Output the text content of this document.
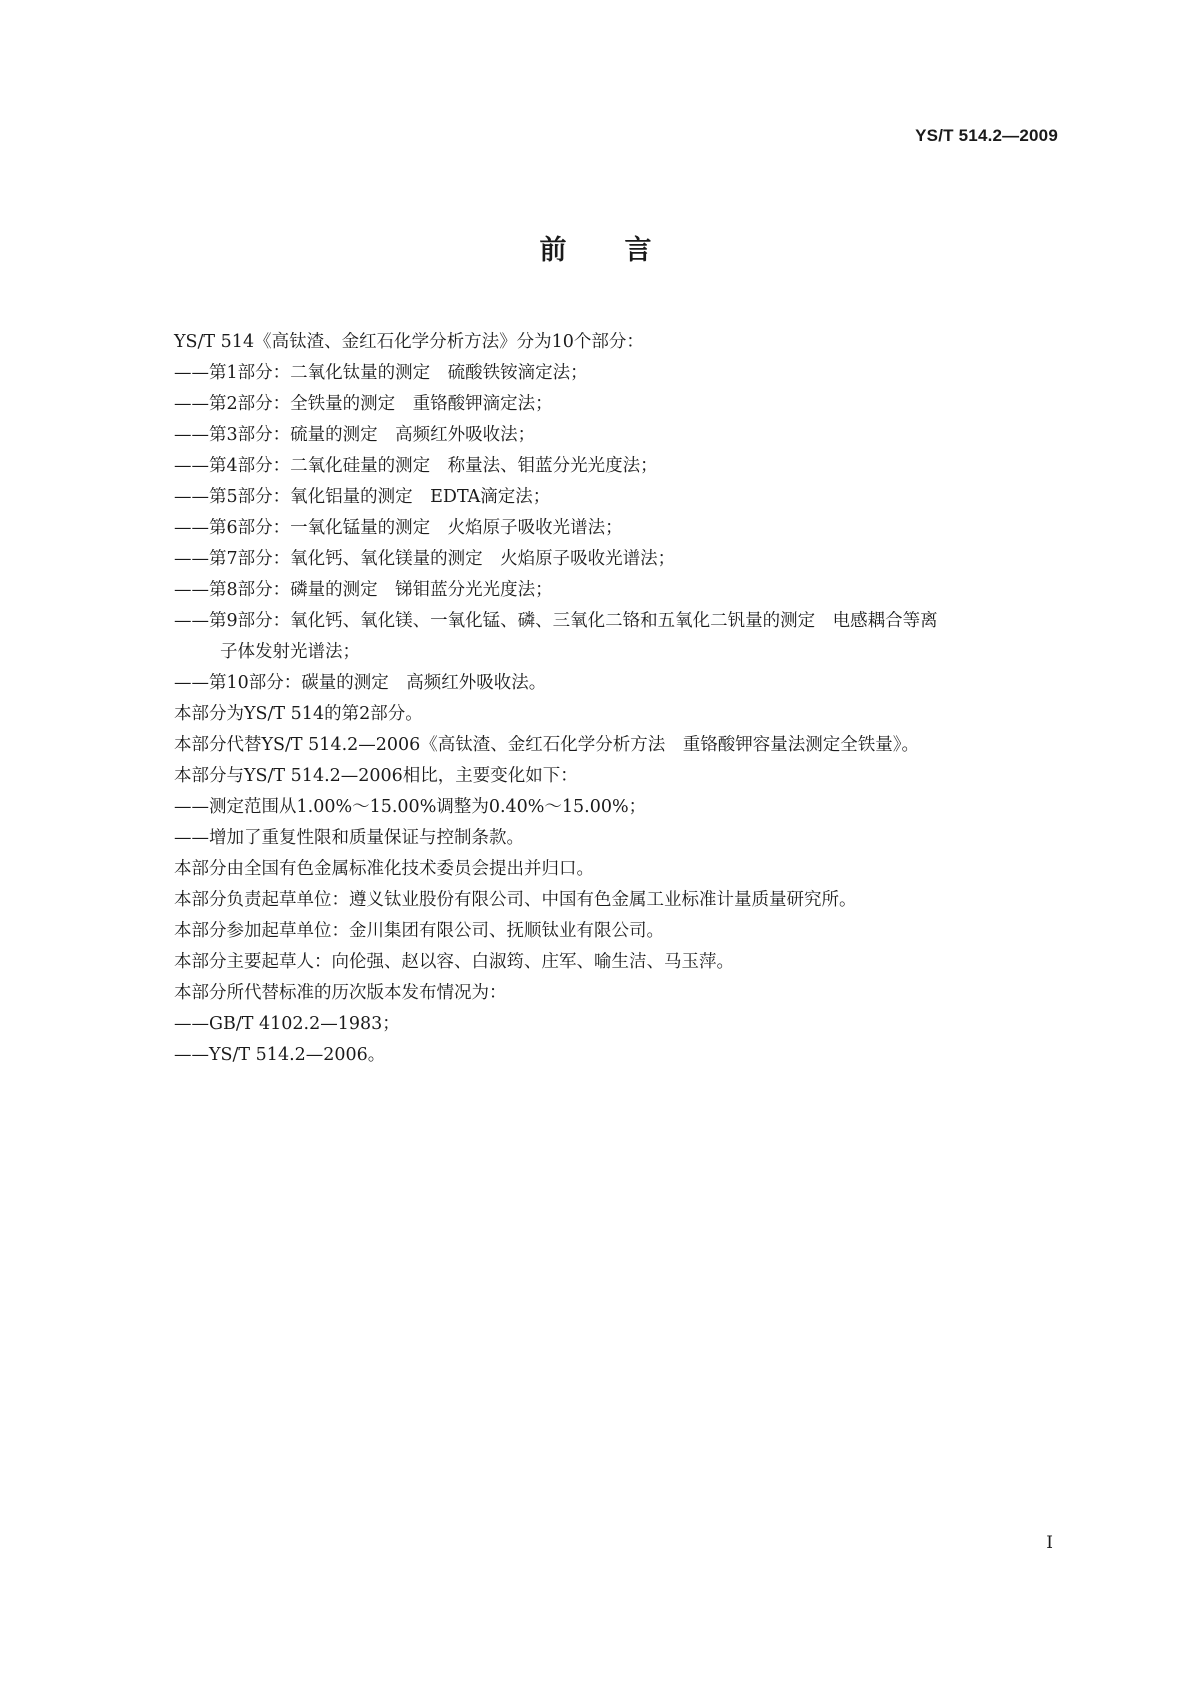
YS/T 514.2—2009
前言
YS/T 514《高钛渣、金红石化学分析方法》分为10个部分：
——第1部分：二氧化钛量的测定　硫酸铁铵滴定法；
——第2部分：全铁量的测定　重铬酸钾滴定法；
——第3部分：硫量的测定　高频红外吸收法；
——第4部分：二氧化硅量的测定　称量法、钼蓝分光光度法；
——第5部分：氧化铝量的测定　EDTA滴定法；
——第6部分：一氧化锰量的测定　火焰原子吸收光谱法；
——第7部分：氧化钙、氧化镁量的测定　火焰原子吸收光谱法；
——第8部分：磷量的测定　锑钼蓝分光光度法；
——第9部分：氧化钙、氧化镁、一氧化锰、磷、三氧化二铬和五氧化二钒量的测定　电感耦合等离
子体发射光谱法；
——第10部分：碳量的测定　高频红外吸收法。
本部分为YS/T 514的第2部分。
本部分代替YS/T 514.2—2006《高钛渣、金红石化学分析方法　重铬酸钾容量法测定全铁量》。
本部分与YS/T 514.2—2006相比，主要变化如下：
——测定范围从1.00%～15.00%调整为0.40%～15.00%；
——增加了重复性限和质量保证与控制条款。
本部分由全国有色金属标准化技术委员会提出并归口。
本部分负责起草单位：遵义钛业股份有限公司、中国有色金属工业标准计量质量研究所。
本部分参加起草单位：金川集团有限公司、抚顺钛业有限公司。
本部分主要起草人：向伦强、赵以容、白淑筠、庄军、喻生洁、马玉萍。
本部分所代替标准的历次版本发布情况为：
——GB/T 4102.2—1983；
——YS/T 514.2—2006。
I
